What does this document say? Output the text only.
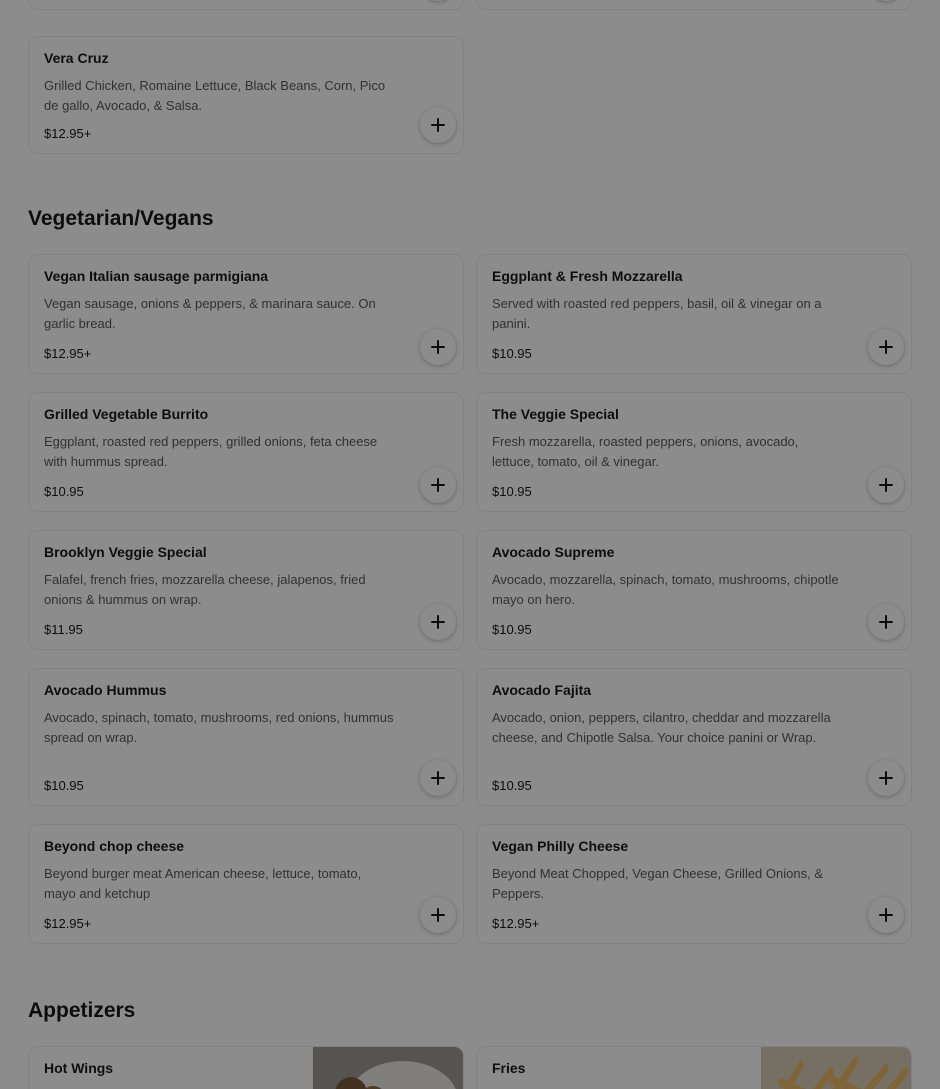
Vera Cruz
Grilled Chicken, Romaine Lettuce, Black Beans, Corn, Pico de gallo, Avocado, & Salsa.
$12.95+
Vegetarian/Vegans
Vegan Italian sausage parmigiana
Vegan sausage, onions & peppers, & marinara sauce. On garlic bread.
$12.95+
Eggplant & Fresh Mozzarella
Served with roasted red peppers, basil, oil & vinegar on a panini.
$10.95
Grilled Vegetable Burrito
Eggplant, roasted red peppers, grilled onions, feta cheese with hummus spread.
$10.95
The Veggie Special
Fresh mozzarella, roasted peppers, onions, avocado, lettuce, tomato, oil & vinegar.
$10.95
Brooklyn Veggie Special
Falafel, french fries, mozzarella cheese, jalapenos, fried onions & hummus on wrap.
$11.95
Avocado Supreme
Avocado, mozzarella, spinach, tomato, mushrooms, chipotle mayo on hero.
$10.95
Avocado Hummus
Avocado, spinach, tomato, mushrooms, red onions, hummus spread on wrap.
$10.95
Avocado Fajita
Avocado, onion, peppers, cilantro, cheddar and mozzarella cheese, and Chipotle Salsa. Your choice panini or Wrap.
$10.95
Beyond chop cheese
Beyond burger meat American cheese, lettuce, tomato, mayo and ketchup
$12.95+
Vegan Philly Cheese
Beyond Meat Chopped, Vegan Cheese, Grilled Onions, & Peppers.
$12.95+
Appetizers
Hot Wings	Fries
